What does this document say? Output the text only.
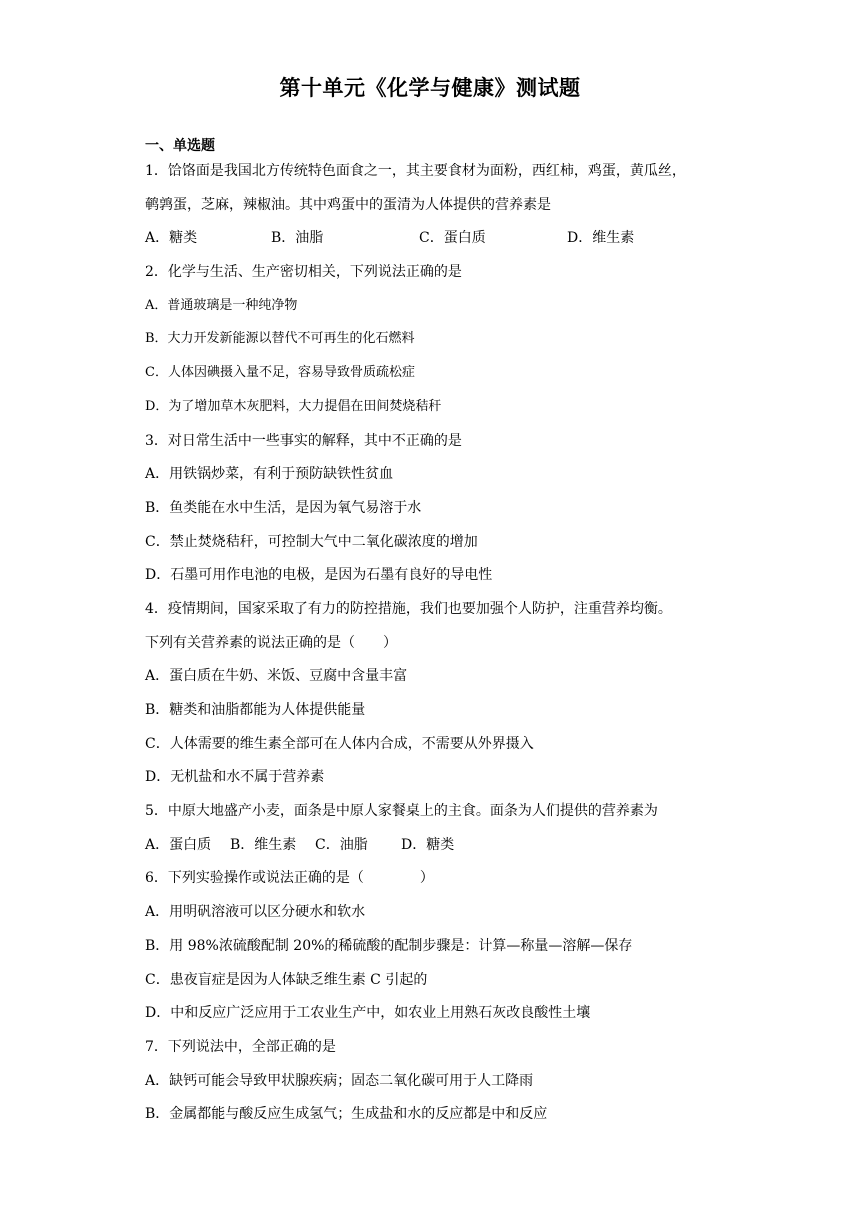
第十单元《化学与健康》测试题
一、单选题
1．饸饹面是我国北方传统特色面食之一，其主要食材为面粉，西红柿，鸡蛋，黄瓜丝，
鹌鹑蛋，芝麻，辣椒油。其中鸡蛋中的蛋清为人体提供的营养素是
A．糖类	B．油脂	C．蛋白质	D．维生素
2．化学与生活、生产密切相关，下列说法正确的是
A．普通玻璃是一种纯净物
B．大力开发新能源以替代不可再生的化石燃料
C．人体因碘摄入量不足，容易导致骨质疏松症
D．为了增加草木灰肥料，大力提倡在田间焚烧秸秆
3．对日常生活中一些事实的解释，其中不正确的是
A．用铁锅炒菜，有利于预防缺铁性贫血
B．鱼类能在水中生活，是因为氧气易溶于水
C．禁止焚烧秸秆，可控制大气中二氧化碳浓度的增加
D．石墨可用作电池的电极，是因为石墨有良好的导电性
4．疫情期间，国家采取了有力的防控措施，我们也要加强个人防护，注重营养均衡。
下列有关营养素的说法正确的是（　　）
A．蛋白质在牛奶、米饭、豆腐中含量丰富
B．糖类和油脂都能为人体提供能量
C．人体需要的维生素全部可在人体内合成，不需要从外界摄入
D．无机盐和水不属于营养素
5．中原大地盛产小麦，面条是中原人家餐桌上的主食。面条为人们提供的营养素为
A．蛋白质	B．维生素	C．油脂	D．糖类
6．下列实验操作或说法正确的是（　　　　）
A．用明矾溶液可以区分硬水和软水
B．用 98%浓硫酸配制 20%的稀硫酸的配制步骤是：计算—称量—溶解—保存
C．患夜盲症是因为人体缺乏维生素 C 引起的
D．中和反应广泛应用于工农业生产中，如农业上用熟石灰改良酸性土壤
7．下列说法中，全部正确的是
A．缺钙可能会导致甲状腺疾病；固态二氧化碳可用于人工降雨
B．金属都能与酸反应生成氢气；生成盐和水的反应都是中和反应
